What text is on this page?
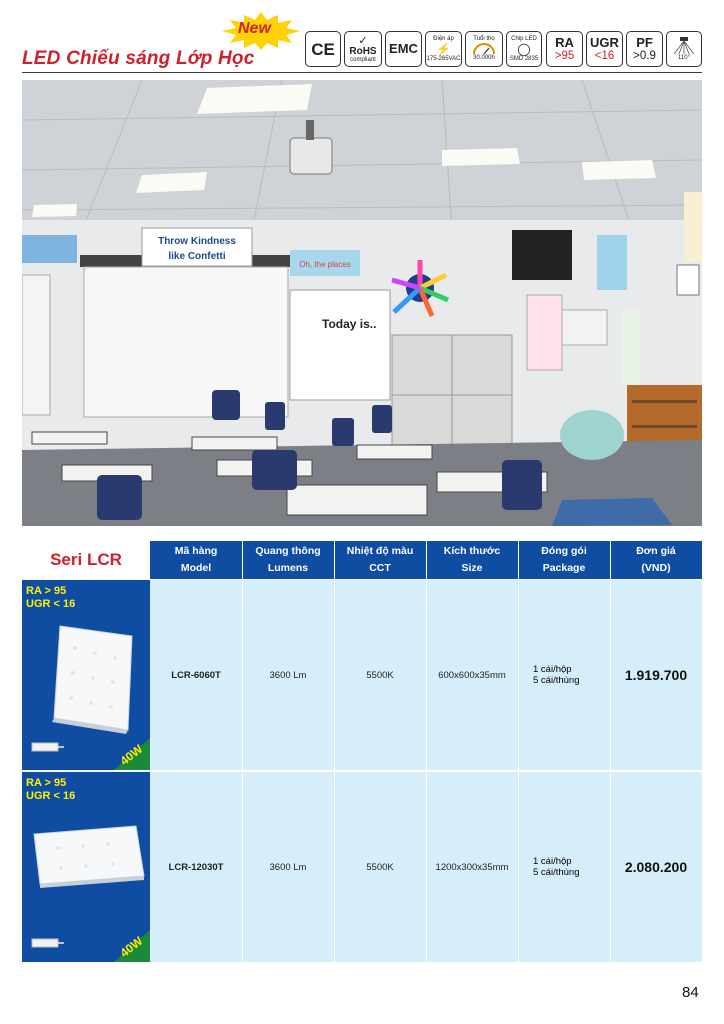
LED Chiếu sáng Lớp Học
New
CE ✓
RoHS
compliant
EMC
Điện áp
⚡
175-265VAC
Tuổi thọ
30.000h
Chip LED
◯
SMD 2835
RA
>95
UGR
<16
PF
>0.9	110°
Throw Kindness
like Confetti
Oh, the places
Today is..
Seri LCR	Mã hàng
Model
Quang thông
Lumens
Nhiệt độ màu
CCT
Kích thước
Size
Đóng gói
Package
Đơn giá
(VND)
RA > 95
UGR < 16
40W
LCR-6060T	3600 Lm	5500K	600x600x35mm	1 cái/hộp
5 cái/thùng	1.919.700
RA > 95
UGR < 16
40W
LCR-12030T	3600 Lm	5500K	1200x300x35mm	1 cái/hộp
5 cái/thùng	2.080.200
84
